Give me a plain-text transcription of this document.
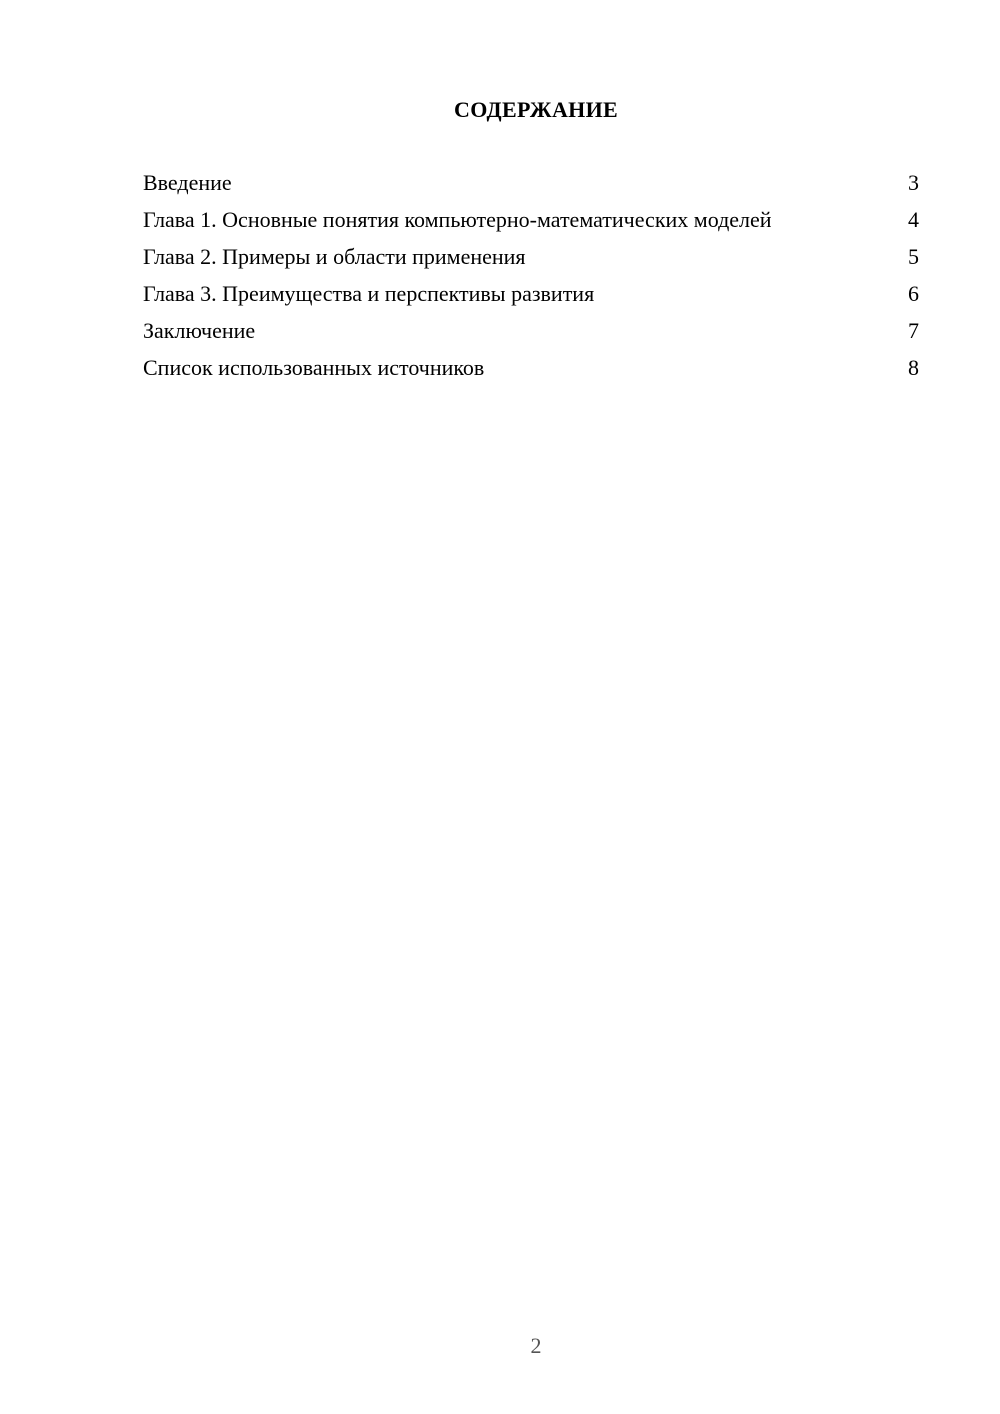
СОДЕРЖАНИЕ
Введение	3
Глава 1. Основные понятия компьютерно-математических моделей	4
Глава 2. Примеры и области применения	5
Глава 3. Преимущества и перспективы развития	6
Заключение	7
Список использованных источников	8
2
